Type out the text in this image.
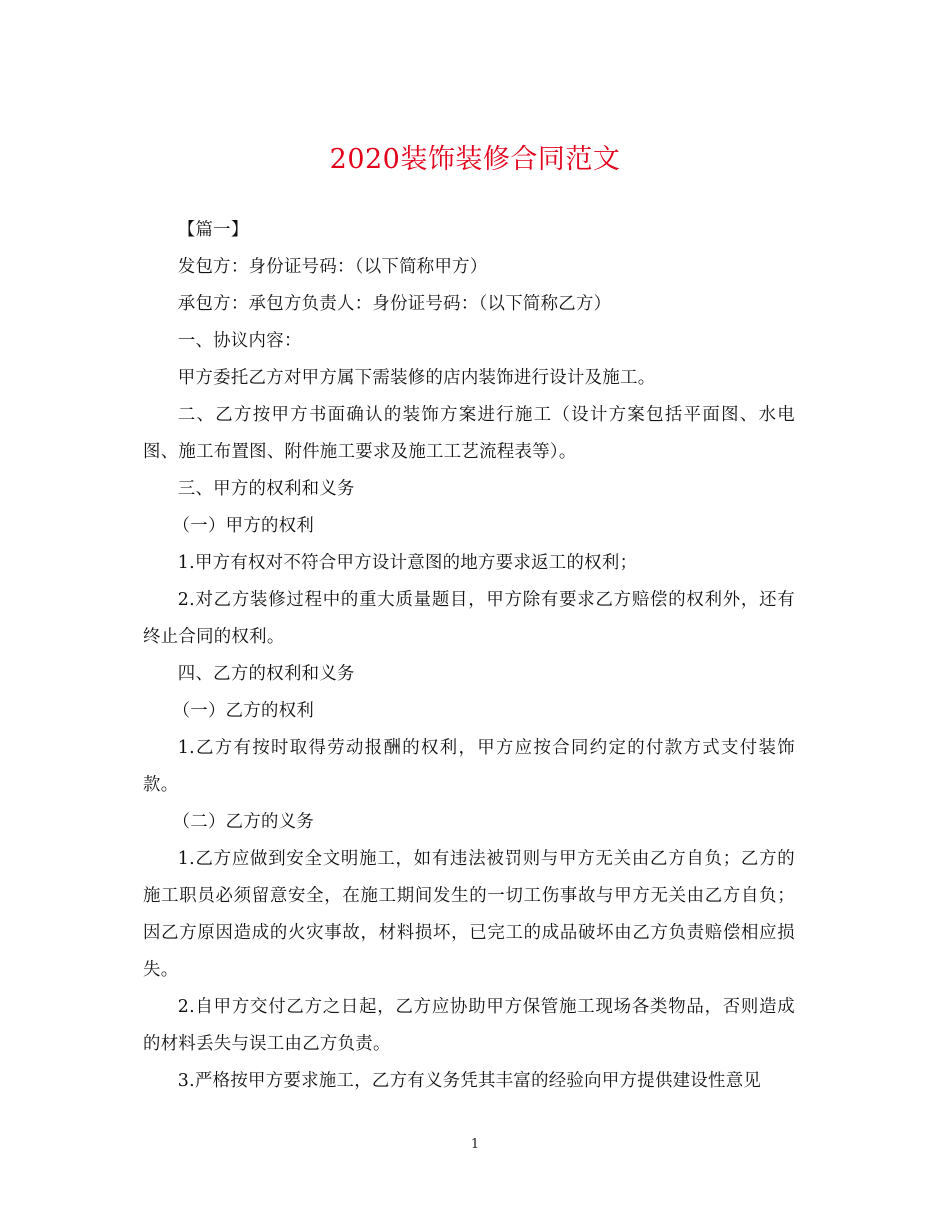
2020装饰装修合同范文

【篇一】

发包方：身份证号码：（以下简称甲方）

承包方：承包方负责人：身份证号码：（以下简称乙方）

一、协议内容：

甲方委托乙方对甲方属下需装修的店内装饰进行设计及施工。

二、乙方按甲方书面确认的装饰方案进行施工（设计方案包括平面图、水电图、施工布置图、附件施工要求及施工工艺流程表等）。

三、甲方的权利和义务

（一）甲方的权利

1.甲方有权对不符合甲方设计意图的地方要求返工的权利；

2.对乙方装修过程中的重大质量题目，甲方除有要求乙方赔偿的权利外，还有终止合同的权利。

四、乙方的权利和义务

（一）乙方的权利

1.乙方有按时取得劳动报酬的权利，甲方应按合同约定的付款方式支付装饰款。

（二）乙方的义务

1.乙方应做到安全文明施工，如有违法被罚则与甲方无关由乙方自负；乙方的施工职员必须留意安全，在施工期间发生的一切工伤事故与甲方无关由乙方自负；因乙方原因造成的火灾事故，材料损坏，已完工的成品破坏由乙方负责赔偿相应损失。

2.自甲方交付乙方之日起，乙方应协助甲方保管施工现场各类物品，否则造成的材料丢失与误工由乙方负责。

3.严格按甲方要求施工，乙方有义务凭其丰富的经验向甲方提供建设性意见

1
